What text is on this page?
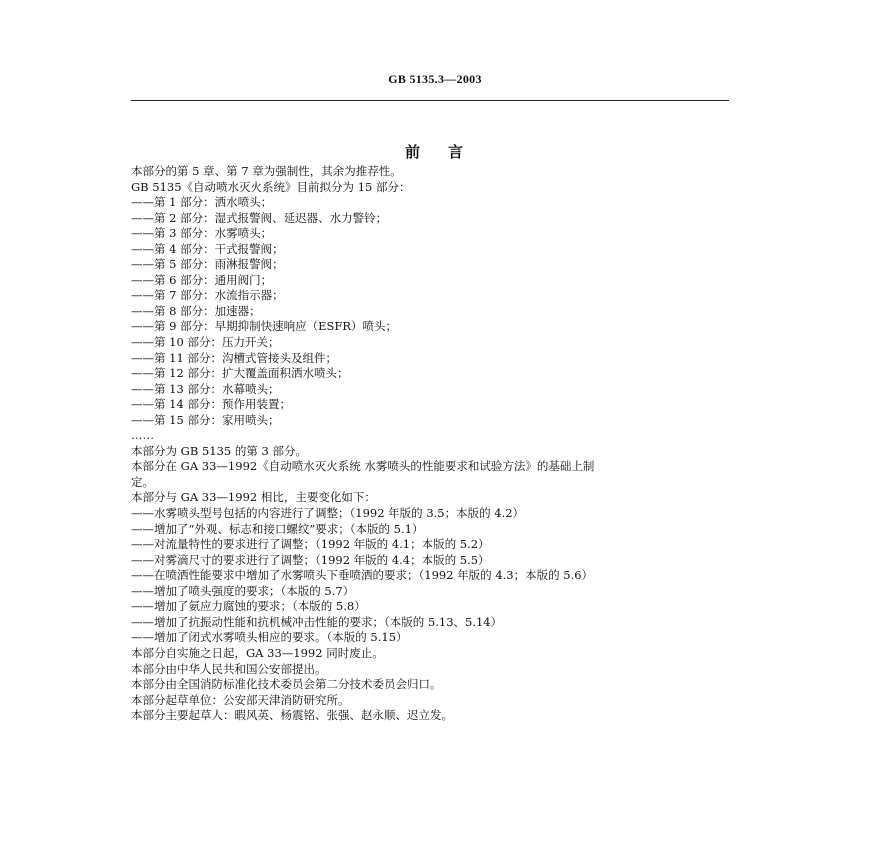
GB 5135.3—2003
前 言
本部分的第 5 章、第 7 章为强制性，其余为推荐性。
GB 5135《自动喷水灭火系统》目前拟分为 15 部分：
——第 1 部分：洒水喷头；
——第 2 部分：湿式报警阀、延迟器、水力警铃；
——第 3 部分：水雾喷头；
——第 4 部分：干式报警阀；
——第 5 部分：雨淋报警阀；
——第 6 部分：通用阀门；
——第 7 部分：水流指示器；
——第 8 部分：加速器；
——第 9 部分：早期抑制快速响应（ESFR）喷头；
——第 10 部分：压力开关；
——第 11 部分：沟槽式管接头及组件；
——第 12 部分：扩大覆盖面积洒水喷头；
——第 13 部分：水幕喷头；
——第 14 部分：预作用装置；
——第 15 部分：家用喷头；
……
本部分为 GB 5135 的第 3 部分。
本部分在 GA 33—1992《自动喷水灭火系统 水雾喷头的性能要求和试验方法》的基础上制
定。
本部分与 GA 33—1992 相比，主要变化如下：
——水雾喷头型号包括的内容进行了调整；（1992 年版的 3.5；本版的 4.2）
——增加了“外观、标志和接口螺纹”要求；（本版的 5.1）
——对流量特性的要求进行了调整；（1992 年版的 4.1；本版的 5.2）
——对雾滴尺寸的要求进行了调整；（1992 年版的 4.4；本版的 5.5）
——在喷洒性能要求中增加了水雾喷头下垂喷洒的要求；（1992 年版的 4.3；本版的 5.6）
——增加了喷头强度的要求；（本版的 5.7）
——增加了氨应力腐蚀的要求；（本版的 5.8）
——增加了抗振动性能和抗机械冲击性能的要求；（本版的 5.13、5.14）
——增加了闭式水雾喷头相应的要求。（本版的 5.15）
本部分自实施之日起，GA 33—1992 同时废止。
本部分由中华人民共和国公安部提出。
本部分由全国消防标准化技术委员会第二分技术委员会归口。
本部分起草单位：公安部天津消防研究所。
本部分主要起草人：暇风英、杨震铭、张强、赵永顺、迟立发。
